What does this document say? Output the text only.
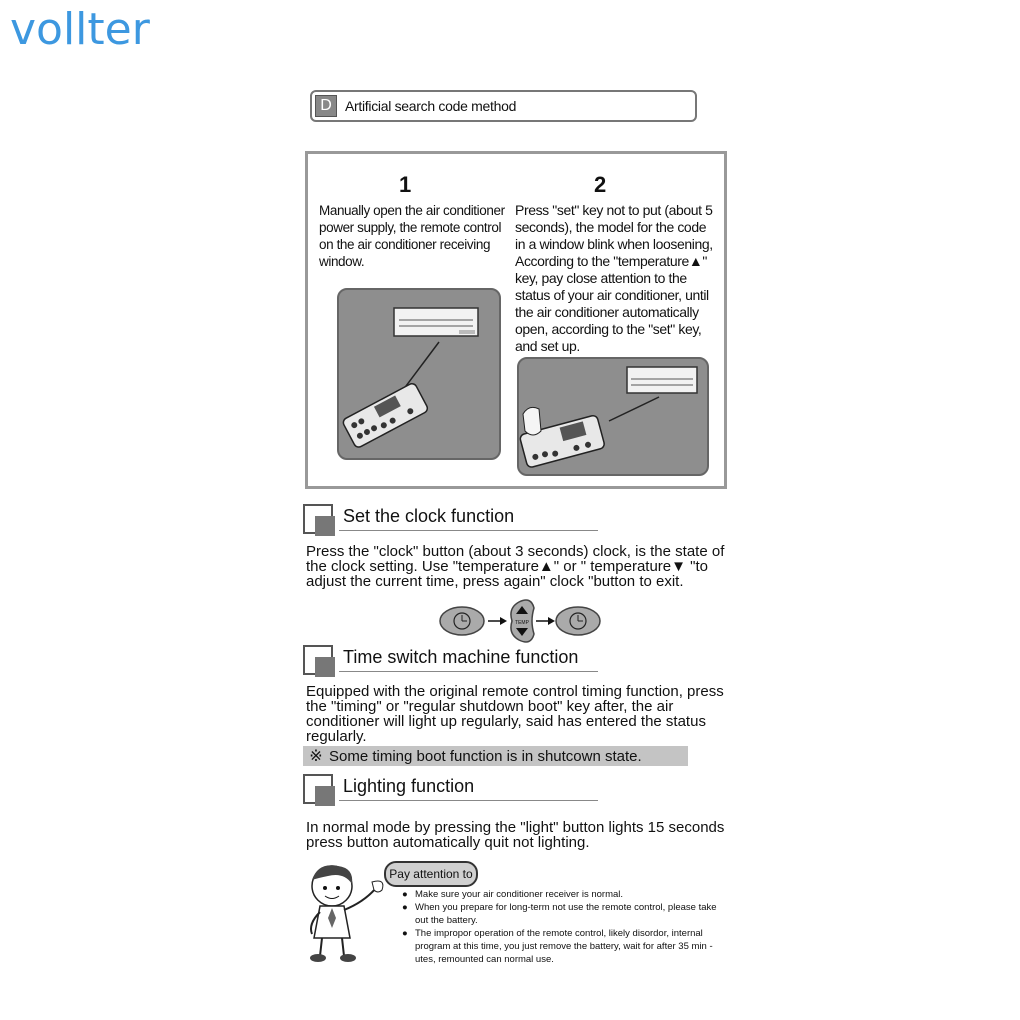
vollter
D Artificial search code method
1
Manually open the air conditioner power supply, the remote control on the air conditioner receiving window.
2
Press "set" key not to put (about 5 seconds), the model for the code in a window blink when loosening, According to the "temperature▲" key, pay close attention to the status of your air conditioner, until the air conditioner automatically open, according to the "set" key, and set up.
Set the clock function
Press the "clock" button (about 3 seconds) clock, is the state of the clock setting. Use "temperature▲" or " temperature▼ "to adjust the current time, press again" clock "button to exit.
TEMP
Time switch machine function
Equipped with the original remote control timing function, press the "timing" or "regular shutdown boot" key after, the air conditioner will light up regularly, said has entered the status regularly.
※ Some timing boot function is in shutcown state.
Lighting function
In normal mode by pressing the "light" button lights 15 seconds press button automatically quit not lighting.
Pay attention to
● Make sure your air conditioner receiver is normal.
● When you prepare for long-term not use the remote control, please take out the battery.
● The impropor operation of the remote control, likely disordor, internal program at this time, you just remove the battery, wait for after 35 min -utes, remounted can normal use.
